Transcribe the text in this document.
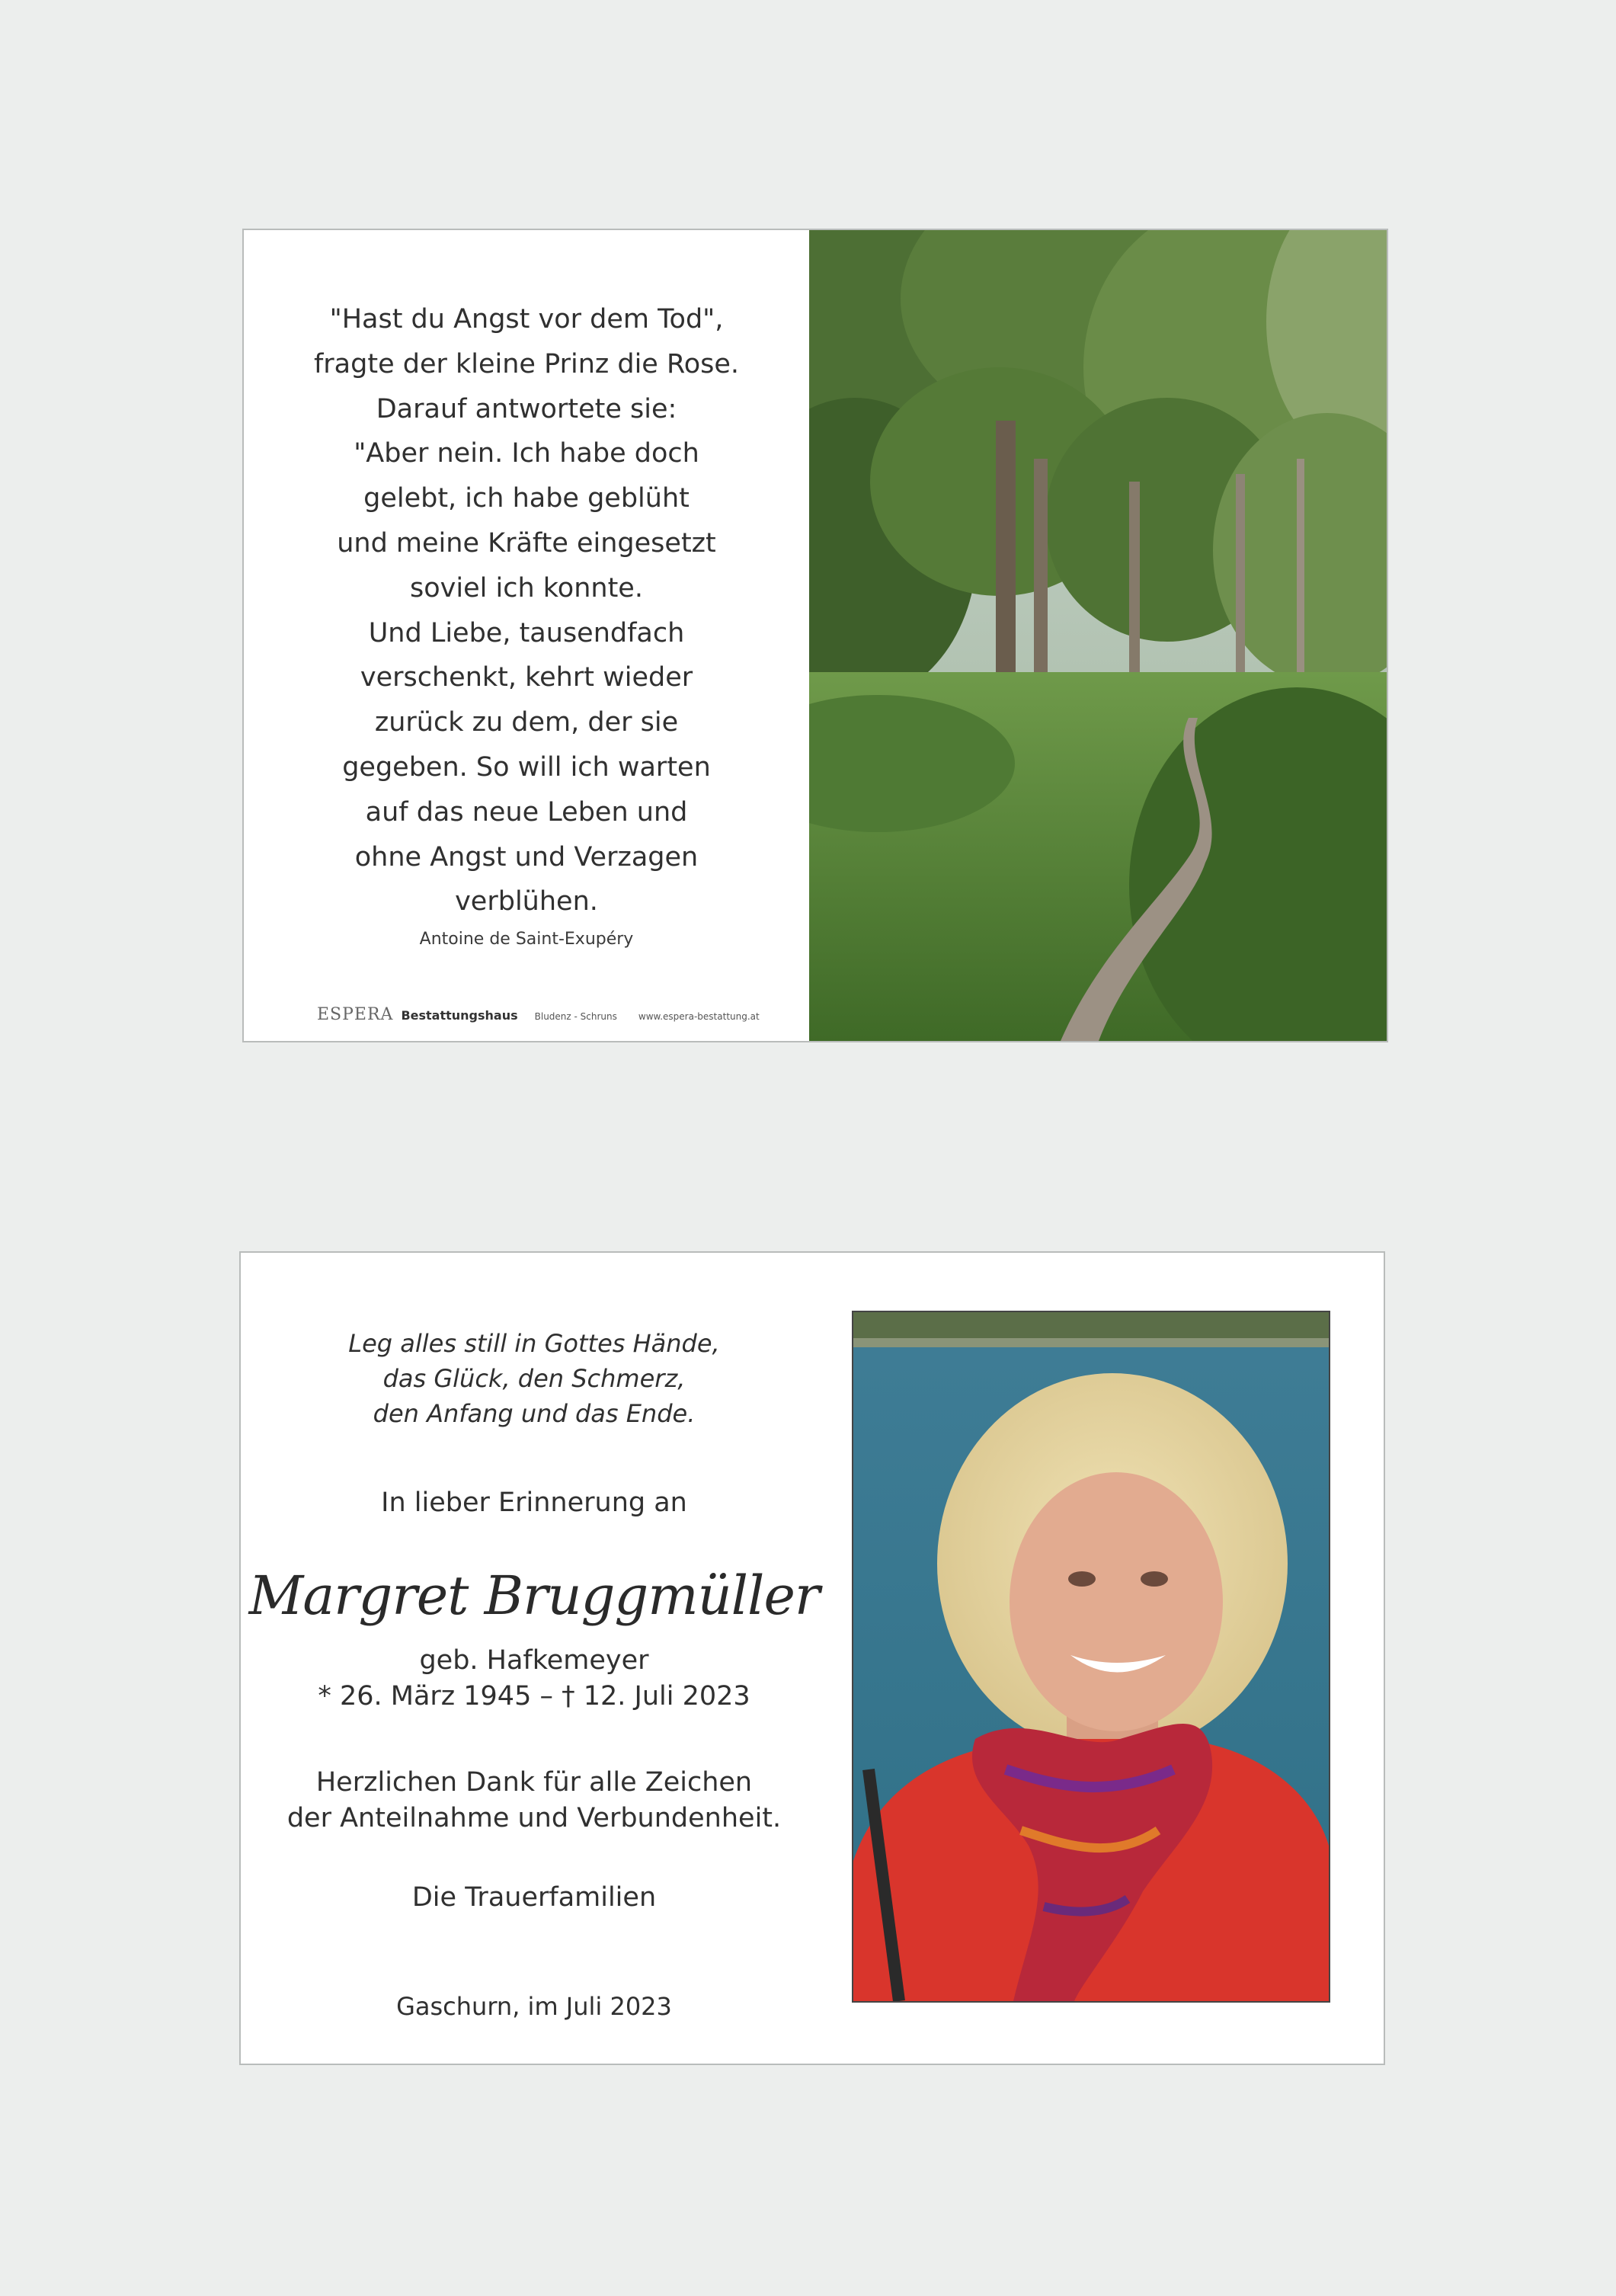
"Hast du Angst vor dem Tod",
fragte der kleine Prinz die Rose.
Darauf antwortete sie:
"Aber nein. Ich habe doch
gelebt, ich habe geblüht
und meine Kräfte eingesetzt
soviel ich konnte.
Und Liebe, tausendfach
verschenkt, kehrt wieder
zurück zu dem, der sie
gegeben. So will ich warten
auf das neue Leben und
ohne Angst und Verzagen
verblühen.
Antoine de Saint-Exupéry
ESPERA Bestattungshaus Bludenz - Schruns www.espera-bestattung.at
Leg alles still in Gottes Hände,
das Glück, den Schmerz,
den Anfang und das Ende.
In lieber Erinnerung an
Margret Bruggmüller
geb. Hafkemeyer
* 26. März 1945 – † 12. Juli 2023
Herzlichen Dank für alle Zeichen
der Anteilnahme und Verbundenheit.
Die Trauerfamilien
Gaschurn, im Juli 2023
